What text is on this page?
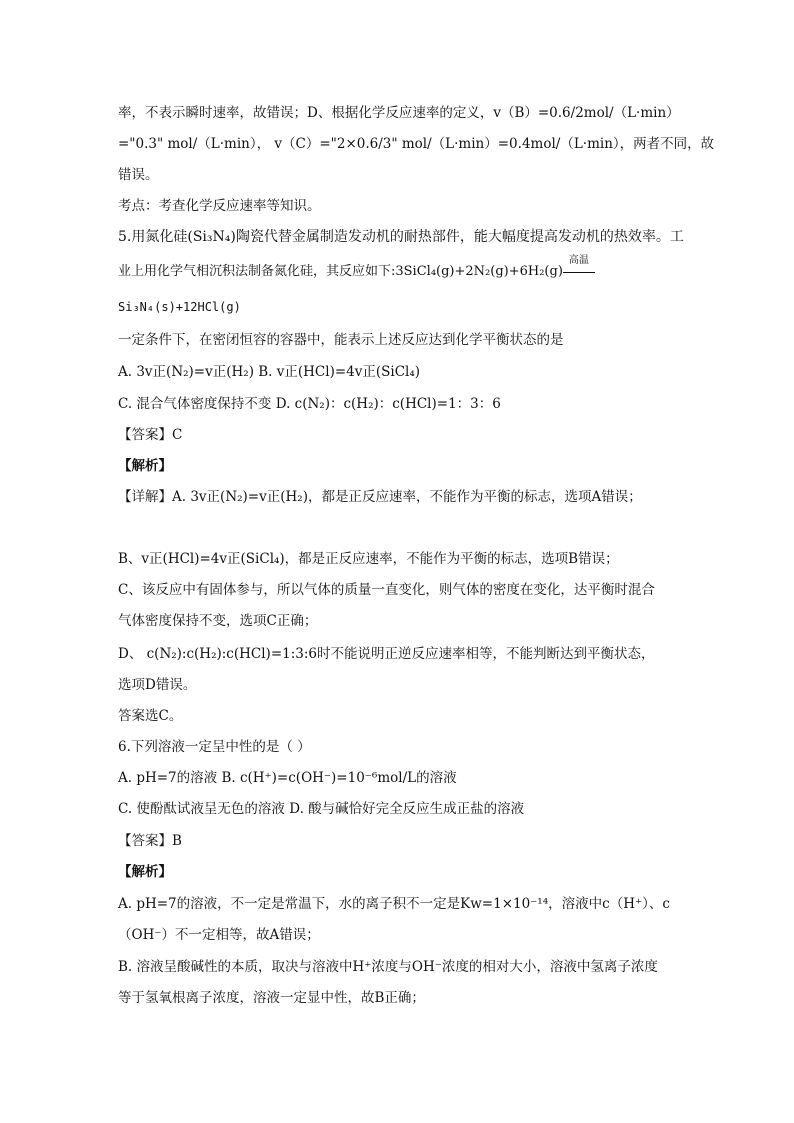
率，不表示瞬时速率，故错误；D、根据化学反应速率的定义，v（B）=0.6/2mol/（L·min）
="0.3" mol/（L·min）， v（C）="2×0.6/3" mol/（L·min）=0.4mol/（L·min），两者不同，故
错误。
考点：考查化学反应速率等知识。
5.用氮化硅(Si₃N₄)陶瓷代替金属制造发动机的耐热部件，能大幅度提高发动机的热效率。工
业上用化学气相沉积法制备氮化硅，其反应如下:3SiCl₄(g)+2N₂(g)+6H₂(g)
高温
Si₃N₄(s)+12HCl(g)
一定条件下，在密闭恒容的容器中，能表示上述反应达到化学平衡状态的是
A. 3v正(N₂)=v正(H₂) B. v正(HCl)=4v正(SiCl₄)
C. 混合气体密度保持不变 D. c(N₂)：c(H₂)：c(HCl)=1：3：6
【答案】C
【解析】
【详解】A. 3v正(N₂)=v正(H₂)，都是正反应速率，不能作为平衡的标志，选项A错误；
B、v正(HCl)=4v正(SiCl₄)，都是正反应速率，不能作为平衡的标志，选项B错误；
C、该反应中有固体参与，所以气体的质量一直变化，则气体的密度在变化，达平衡时混合
气体密度保持不变，选项C正确；
D、 c(N₂):c(H₂):c(HCl)=1:3:6时不能说明正逆反应速率相等，不能判断达到平衡状态，
选项D错误。
答案选C。
6.下列溶液一定呈中性的是（ ）
A. pH=7的溶液 B. c(H⁺)=c(OH⁻)=10⁻⁶mol/L的溶液
C. 使酚酞试液呈无色的溶液 D. 酸与碱恰好完全反应生成正盐的溶液
【答案】B
【解析】
A. pH=7的溶液，不一定是常温下，水的离子积不一定是Kw=1×10⁻¹⁴，溶液中c（H⁺）、c
（OH⁻）不一定相等，故A错误；
B. 溶液呈酸碱性的本质，取决与溶液中H⁺浓度与OH⁻浓度的相对大小，溶液中氢离子浓度
等于氢氧根离子浓度，溶液一定显中性，故B正确；
